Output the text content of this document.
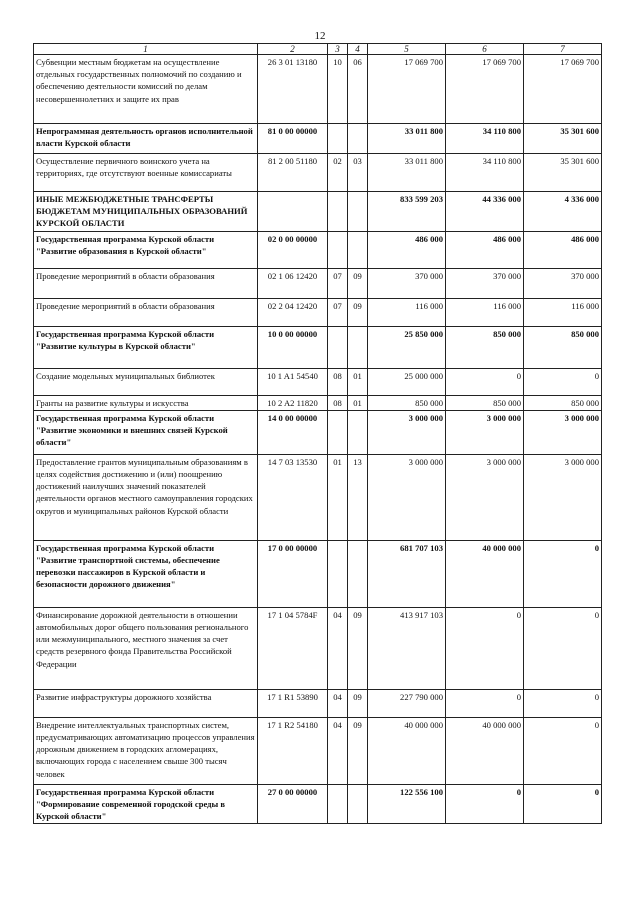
12
1	2	3	4	5	6	7
Субвенции местным бюджетам на осуществление отдельных государственных полномочий по созданию и обеспечению деятельности комиссий по делам несовершеннолетних и защите их прав	26 3 01 13180	10	06	17 069 700	17 069 700	17 069 700
Непрограммная деятельность органов исполнительной власти Курской области	81 0 00 00000			33 011 800	34 110 800	35 301 600
Осуществление первичного воинского учета на территориях, где отсутствуют военные комиссариаты	81 2 00 51180	02	03	33 011 800	34 110 800	35 301 600
ИНЫЕ МЕЖБЮДЖЕТНЫЕ ТРАНСФЕРТЫ БЮДЖЕТАМ МУНИЦИПАЛЬНЫХ ОБРАЗОВАНИЙ КУРСКОЙ ОБЛАСТИ				833 599 203	44 336 000	4 336 000
Государственная программа Курской области "Развитие образования в Курской области"	02 0 00 00000			486 000	486 000	486 000
Проведение мероприятий в области образования	02 1 06 12420	07	09	370 000	370 000	370 000
Проведение мероприятий в области образования	02 2 04 12420	07	09	116 000	116 000	116 000
Государственная программа Курской области "Развитие культуры в Курской области"	10 0 00 00000			25 850 000	850 000	850 000
Создание модельных муниципальных библиотек	10 1 A1 54540	08	01	25 000 000	0	0
Гранты на развитие культуры и искусства	10 2 A2 11820	08	01	850 000	850 000	850 000
Государственная программа Курской области "Развитие экономики и внешних связей Курской области"	14 0 00 00000			3 000 000	3 000 000	3 000 000
Предоставление грантов муниципальным образованиям в целях содействия достижению и (или) поощрению достижений наилучших значений показателей деятельности органов местного самоуправления городских округов и муниципальных районов Курской области	14 7 03 13530	01	13	3 000 000	3 000 000	3 000 000
Государственная программа Курской области "Развитие транспортной системы, обеспечение перевозки пассажиров в Курской области и безопасности дорожного движения"	17 0 00 00000			681 707 103	40 000 000	0
Финансирование дорожной деятельности в отношении автомобильных дорог общего пользования регионального или межмуниципального, местного значения за счет средств резервного фонда Правительства Российской Федерации	17 1 04 5784F	04	09	413 917 103	0	0
Развитие инфраструктуры дорожного хозяйства	17 1 R1 53890	04	09	227 790 000	0	0
Внедрение интеллектуальных транспортных систем, предусматривающих автоматизацию процессов управления дорожным движением в городских агломерациях, включающих города с населением свыше 300 тысяч человек	17 1 R2 54180	04	09	40 000 000	40 000 000	0
Государственная программа Курской области "Формирование современной городской среды в Курской области"	27 0 00 00000			122 556 100	0	0
